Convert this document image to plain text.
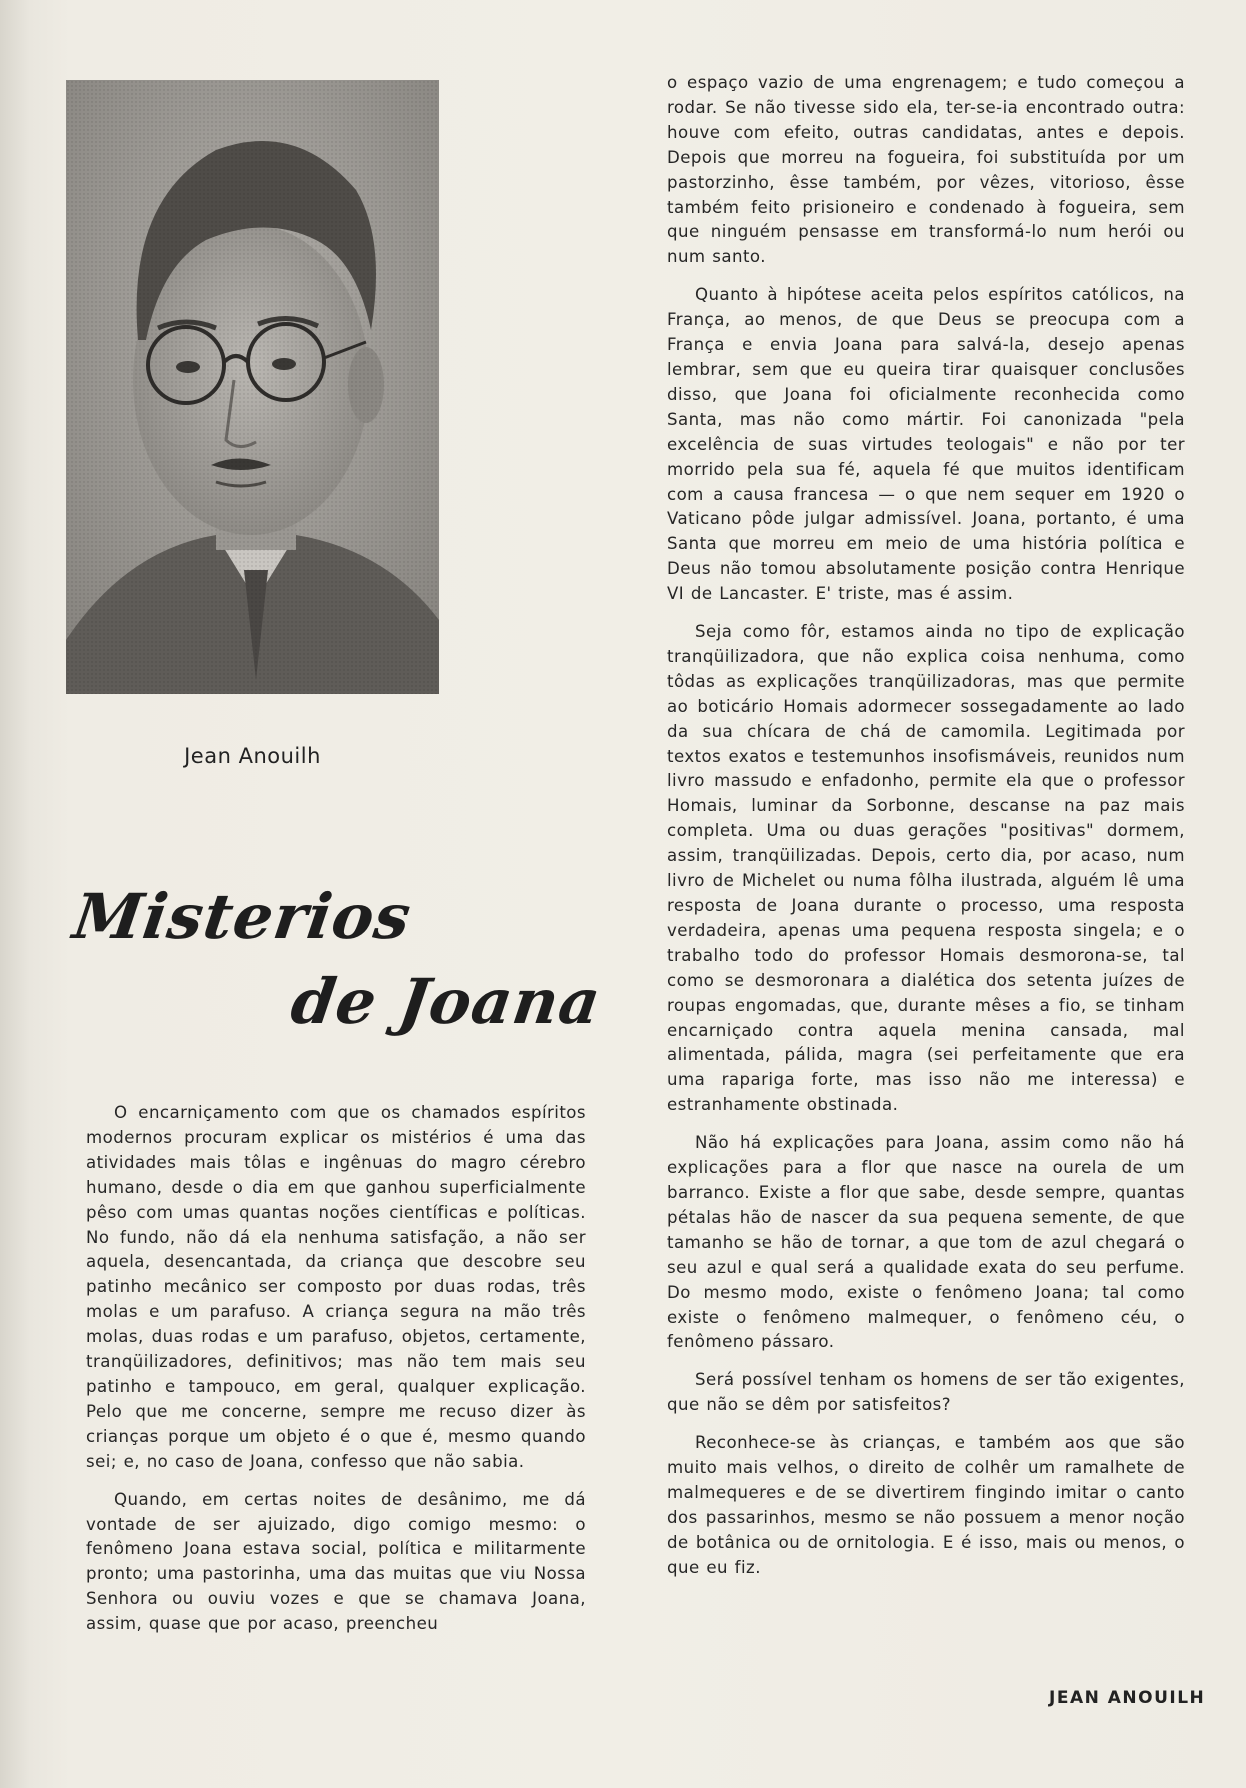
Jean Anouilh
Misterios
de Joana

O encarniçamento com que os chamados espíritos modernos procuram explicar os mistérios é uma das atividades mais tôlas e ingênuas do magro cérebro humano, desde o dia em que ganhou superficialmente pêso com umas quantas noções científicas e políticas. No fundo, não dá ela nenhuma satisfação, a não ser aquela, desencantada, da criança que descobre seu patinho mecânico ser composto por duas rodas, três molas e um parafuso. A criança segura na mão três molas, duas rodas e um parafuso, objetos, certamente, tranqüilizadores, definitivos; mas não tem mais seu patinho e tampouco, em geral, qualquer explicação. Pelo que me concerne, sempre me recuso dizer às crianças porque um objeto é o que é, mesmo quando sei; e, no caso de Joana, confesso que não sabia.

Quando, em certas noites de desânimo, me dá vontade de ser ajuizado, digo comigo mesmo: o fenômeno Joana estava social, política e militarmente pronto; uma pastorinha, uma das muitas que viu Nossa Senhora ou ouviu vozes e que se chamava Joana, assim, quase que por acaso, preencheu

o espaço vazio de uma engrenagem; e tudo começou a rodar. Se não tivesse sido ela, ter-se-ia encontrado outra: houve com efeito, outras candidatas, antes e depois. Depois que morreu na fogueira, foi substituída por um pastorzinho, êsse também, por vêzes, vitorioso, êsse também feito prisioneiro e condenado à fogueira, sem que ninguém pensasse em transformá-lo num herói ou num santo.

Quanto à hipótese aceita pelos espíritos católicos, na França, ao menos, de que Deus se preocupa com a França e envia Joana para salvá-la, desejo apenas lembrar, sem que eu queira tirar quaisquer conclusões disso, que Joana foi oficialmente reconhecida como Santa, mas não como mártir. Foi canonizada "pela excelência de suas virtudes teologais" e não por ter morrido pela sua fé, aquela fé que muitos identificam com a causa francesa — o que nem sequer em 1920 o Vaticano pôde julgar admissível. Joana, portanto, é uma Santa que morreu em meio de uma história política e Deus não tomou absolutamente posição contra Henrique VI de Lancaster. E' triste, mas é assim.

Seja como fôr, estamos ainda no tipo de explicação tranqüilizadora, que não explica coisa nenhuma, como tôdas as explicações tranqüilizadoras, mas que permite ao boticário Homais adormecer sossegadamente ao lado da sua chícara de chá de camomila. Legitimada por textos exatos e testemunhos insofismáveis, reunidos num livro massudo e enfadonho, permite ela que o professor Homais, luminar da Sorbonne, descanse na paz mais completa. Uma ou duas gerações "positivas" dormem, assim, tranqüilizadas. Depois, certo dia, por acaso, num livro de Michelet ou numa fôlha ilustrada, alguém lê uma resposta de Joana durante o processo, uma resposta verdadeira, apenas uma pequena resposta singela; e o trabalho todo do professor Homais desmorona-se, tal como se desmoronara a dialética dos setenta juízes de roupas engomadas, que, durante mêses a fio, se tinham encarniçado contra aquela menina cansada, mal alimentada, pálida, magra (sei perfeitamente que era uma rapariga forte, mas isso não me interessa) e estranhamente obstinada.

Não há explicações para Joana, assim como não há explicações para a flor que nasce na ourela de um barranco. Existe a flor que sabe, desde sempre, quantas pétalas hão de nascer da sua pequena semente, de que tamanho se hão de tornar, a que tom de azul chegará o seu azul e qual será a qualidade exata do seu perfume. Do mesmo modo, existe o fenômeno Joana; tal como existe o fenômeno malmequer, o fenômeno céu, o fenômeno pássaro.

Será possível tenham os homens de ser tão exigentes, que não se dêm por satisfeitos?

Reconhece-se às crianças, e também aos que são muito mais velhos, o direito de colhêr um ramalhete de malmequeres e de se divertirem fingindo imitar o canto dos passarinhos, mesmo se não possuem a menor noção de botânica ou de ornitologia. E é isso, mais ou menos, o que eu fiz.

JEAN ANOUILH
